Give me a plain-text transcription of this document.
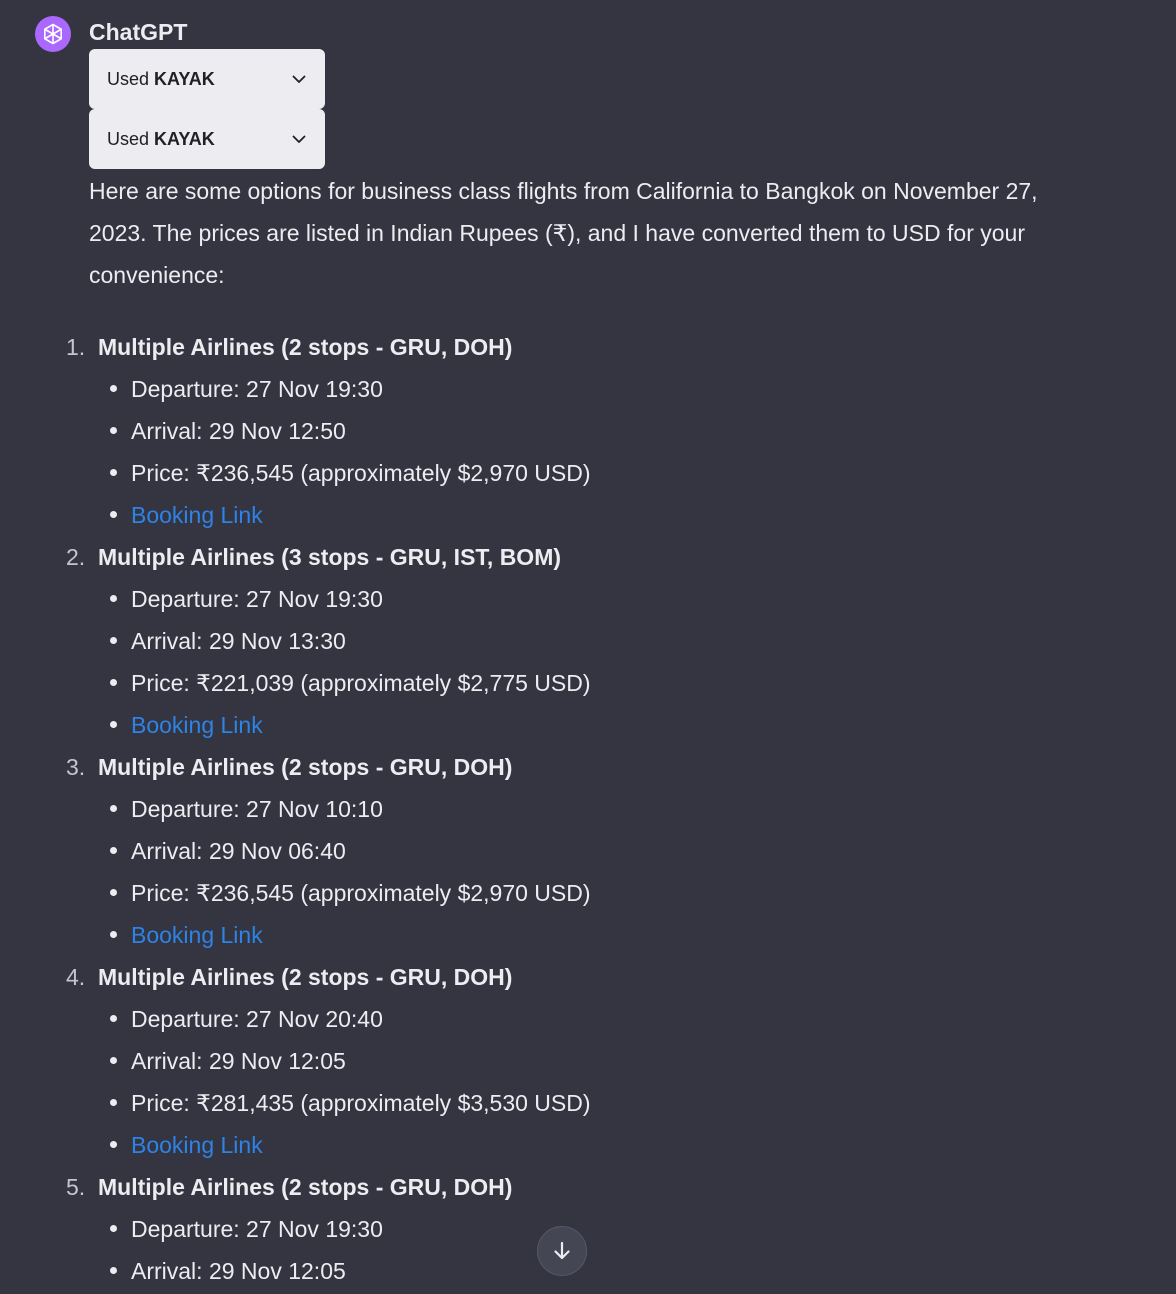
ChatGPT
Used KAYAK
Used KAYAK

Here are some options for business class flights from California to Bangkok on November 27, 2023. The prices are listed in Indian Rupees (₹), and I have converted them to USD for your convenience:

1. Multiple Airlines (2 stops - GRU, DOH)
Departure: 27 Nov 19:30
Arrival: 29 Nov 12:50
Price: ₹236,545 (approximately $2,970 USD)
Booking Link
2. Multiple Airlines (3 stops - GRU, IST, BOM)
Departure: 27 Nov 19:30
Arrival: 29 Nov 13:30
Price: ₹221,039 (approximately $2,775 USD)
Booking Link
3. Multiple Airlines (2 stops - GRU, DOH)
Departure: 27 Nov 10:10
Arrival: 29 Nov 06:40
Price: ₹236,545 (approximately $2,970 USD)
Booking Link
4. Multiple Airlines (2 stops - GRU, DOH)
Departure: 27 Nov 20:40
Arrival: 29 Nov 12:05
Price: ₹281,435 (approximately $3,530 USD)
Booking Link
5. Multiple Airlines (2 stops - GRU, DOH)
Departure: 27 Nov 19:30
Arrival: 29 Nov 12:05
